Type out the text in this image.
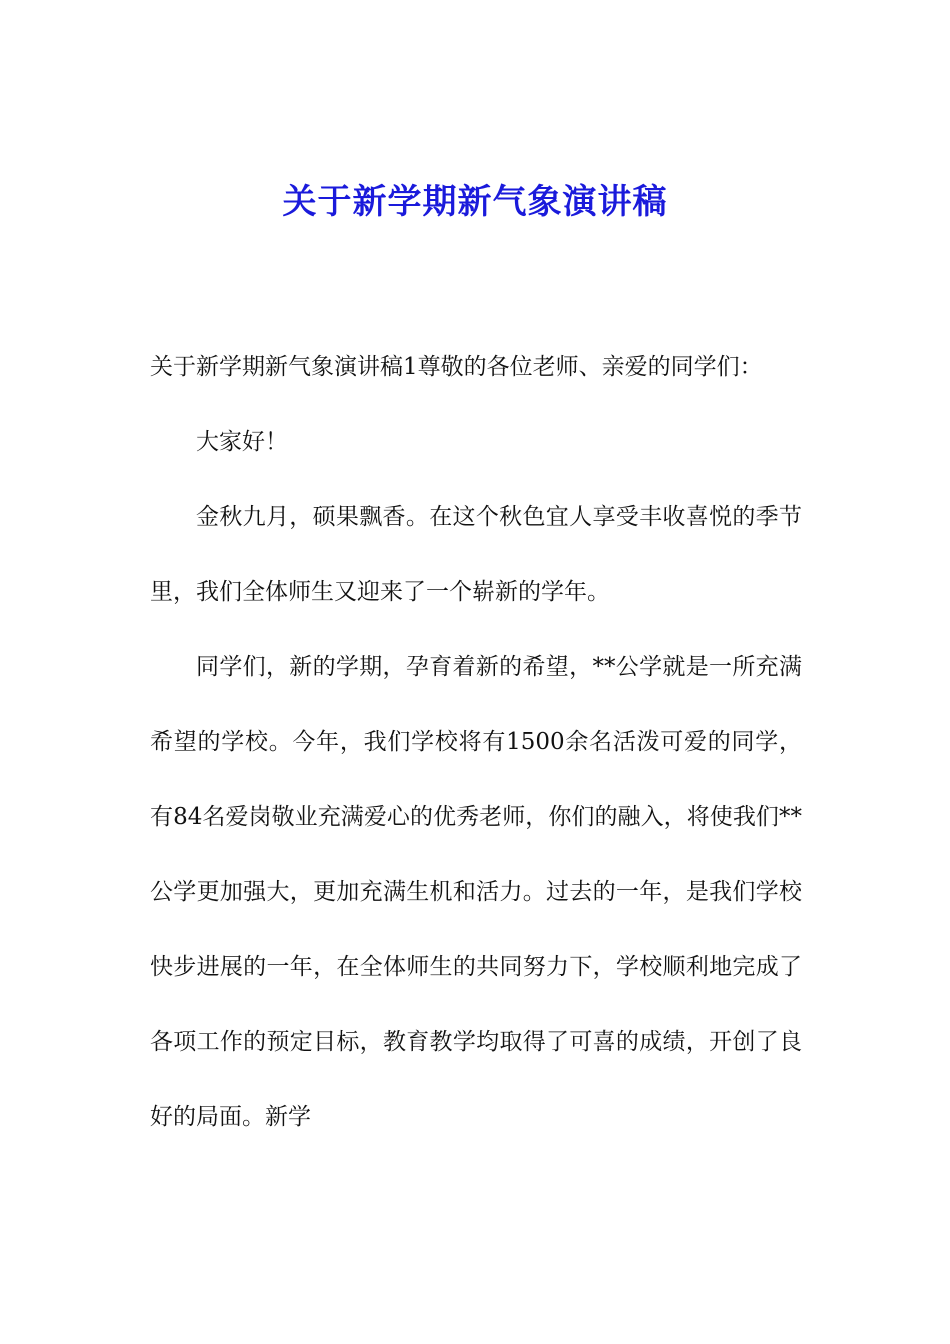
关于新学期新气象演讲稿

关于新学期新气象演讲稿1尊敬的各位老师、亲爱的同学们：

大家好！

金秋九月，硕果飘香。在这个秋色宜人享受丰收喜悦的季节里，我们全体师生又迎来了一个崭新的学年。

同学们，新的学期，孕育着新的希望，**公学就是一所充满希望的学校。今年，我们学校将有1500余名活泼可爱的同学，有84名爱岗敬业充满爱心的优秀老师，你们的融入，将使我们**公学更加强大，更加充满生机和活力。过去的一年，是我们学校快步进展的一年，在全体师生的共同努力下，学校顺利地完成了各项工作的预定目标，教育教学均取得了可喜的成绩，开创了良好的局面。新学
